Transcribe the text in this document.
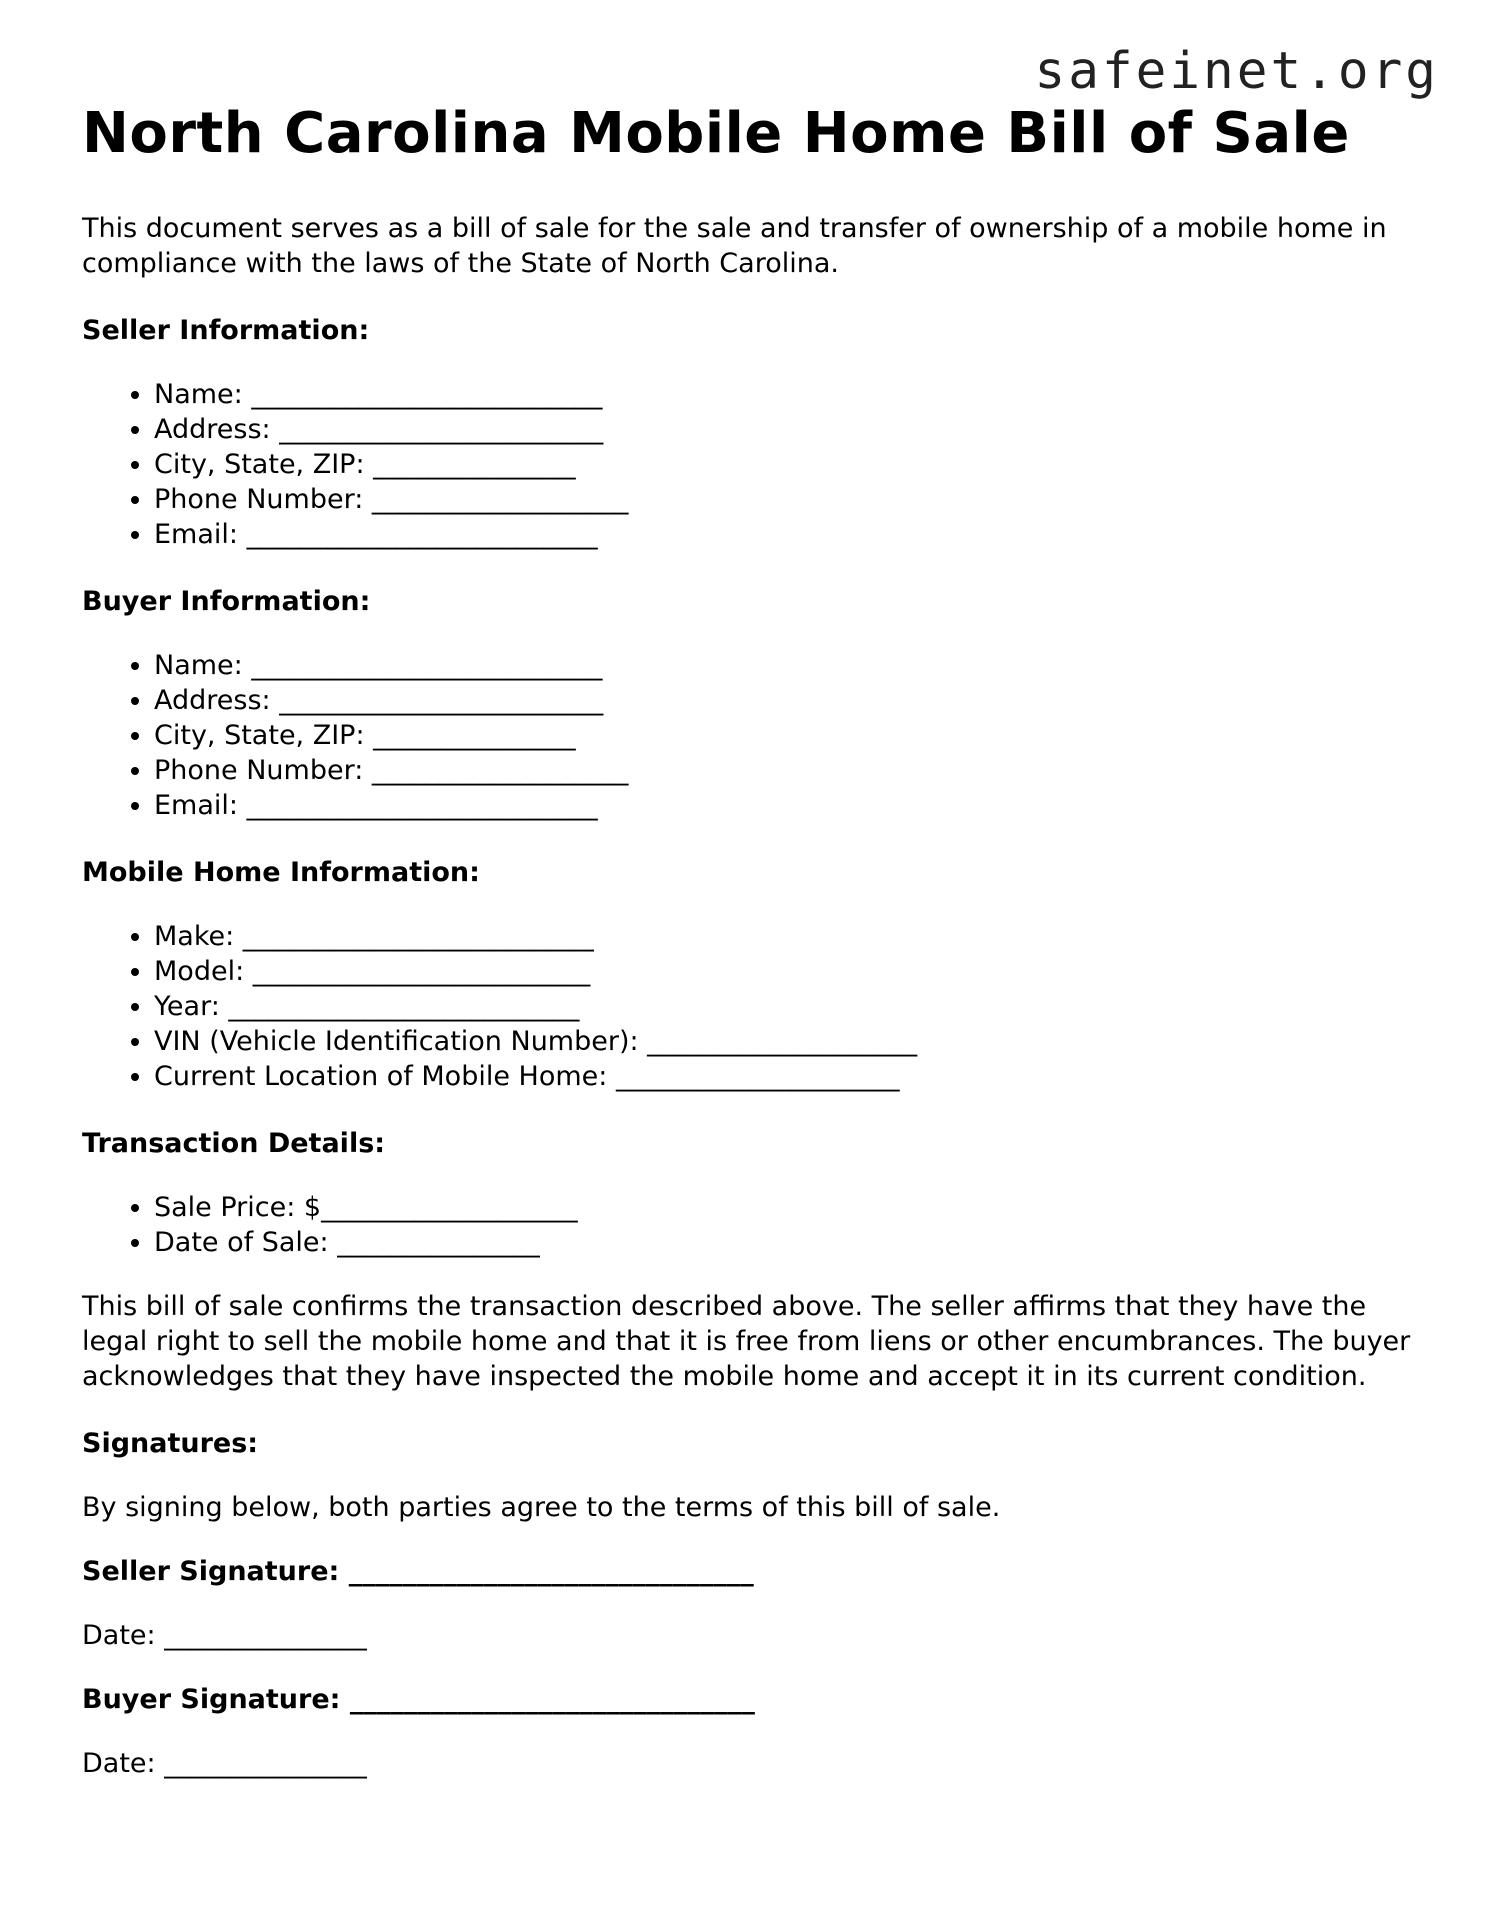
safeinet.org
North Carolina Mobile Home Bill of Sale

This document serves as a bill of sale for the sale and transfer of ownership of a mobile home in compliance with the laws of the State of North Carolina.

Seller Information:
• Name: __________________________
• Address: ________________________
• City, State, ZIP: _______________
• Phone Number: ___________________
• Email: __________________________
Buyer Information:
• Name: __________________________
• Address: ________________________
• City, State, ZIP: _______________
• Phone Number: ___________________
• Email: __________________________
Mobile Home Information:
• Make: __________________________
• Model: _________________________
• Year: __________________________
• VIN (Vehicle Identification Number): ____________________
• Current Location of Mobile Home: _____________________
Transaction Details:
• Sale Price: $___________________
• Date of Sale: _______________

This bill of sale confirms the transaction described above. The seller affirms that they have the legal right to sell the mobile home and that it is free from liens or other encumbrances. The buyer acknowledges that they have inspected the mobile home and accept it in its current condition.

Signatures:

By signing below, both parties agree to the terms of this bill of sale.

Seller Signature: ______________________________
Date: _______________
Buyer Signature: ______________________________
Date: _______________
